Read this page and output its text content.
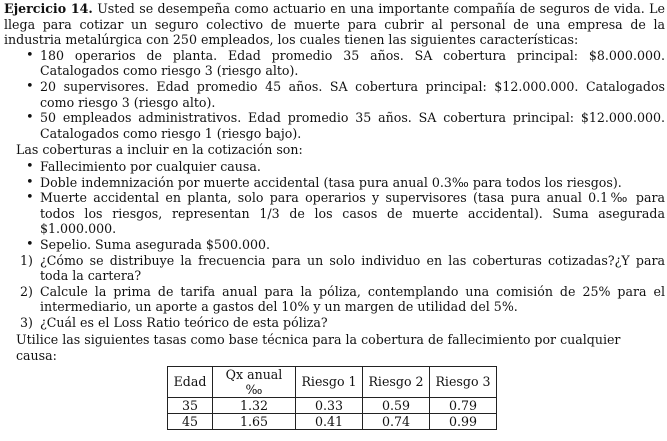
Ejercicio 14. Usted se desempeña como actuario en una importante compañía de seguros de vida. Le llega para cotizar un seguro colectivo de muerte para cubrir al personal de una empresa de la industria metalúrgica con 250 empleados, los cuales tienen las siguientes características:

• 180 operarios de planta. Edad promedio 35 años. SA cobertura principal: $8.000.000. Catalogados como riesgo 3 (riesgo alto).
• 20 supervisores. Edad promedio 45 años. SA cobertura principal: $12.000.000. Catalogados como riesgo 3 (riesgo alto).
• 50 empleados administrativos. Edad promedio 35 años. SA cobertura principal: $12.000.000. Catalogados como riesgo 1 (riesgo bajo).

Las coberturas a incluir en la cotización son:

• Fallecimiento por cualquier causa.
• Doble indemnización por muerte accidental (tasa pura anual 0.3‰ para todos los riesgos).
• Muerte accidental en planta, solo para operarios y supervisores (tasa pura anual 0.1‰ para todos los riesgos, representan 1/3 de los casos de muerte accidental). Suma asegurada $1.000.000.
• Sepelio. Suma asegurada $500.000.
1) ¿Cómo se distribuye la frecuencia para un solo individuo en las coberturas cotizadas?¿Y para toda la cartera?
2) Calcule la prima de tarifa anual para la póliza, contemplando una comisión de 25% para el intermediario, un aporte a gastos del 10% y un margen de utilidad del 5%.
3) ¿Cuál es el Loss Ratio teórico de esta póliza?

Utilice las siguientes tasas como base técnica para la cobertura de fallecimiento por cualquier causa:

Edad	Qx anual ‰	Riesgo 1	Riesgo 2	Riesgo 3
35	1.32	0.33	0.59	0.79
45	1.65	0.41	0.74	0.99
